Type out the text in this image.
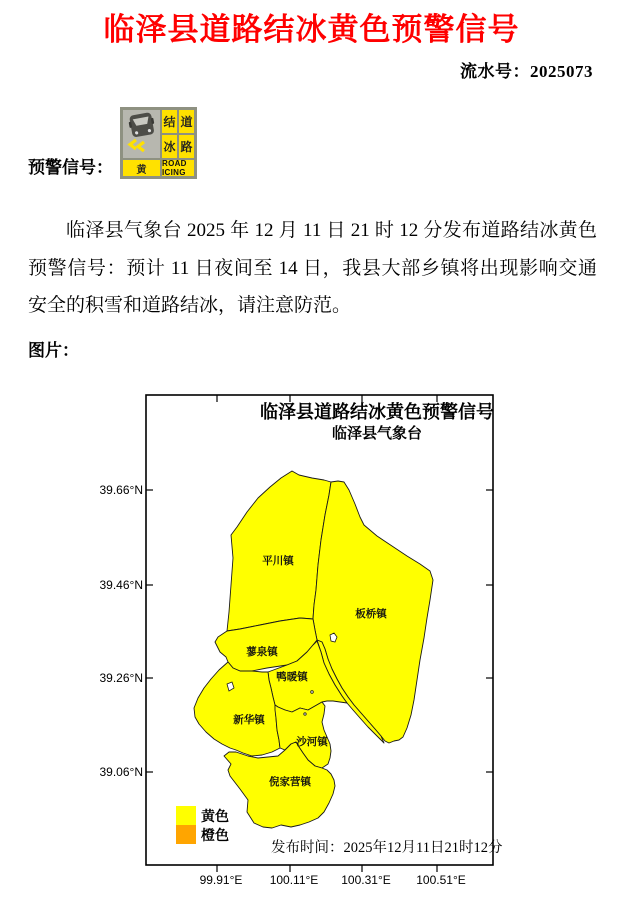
临泽县道路结冰黄色预警信号
流水号：2025073
预警信号：
结 道
冰 路
黄
ROAD ICING

临泽县气象台 2025 年 12 月 11 日 21 时 12 分发布道路结冰黄色预警信号：预计 11 日夜间至 14 日，我县大部乡镇将出现影响交通安全的积雪和道路结冰，请注意防范。

图片：
临泽县道路结冰黄色预警信号
临泽县气象台
平川镇
板桥镇
蓼泉镇
鸭暖镇
新华镇
沙河镇
倪家营镇
39.66°N
39.46°N
39.26°N
39.06°N
99.91°E 100.11°E 100.31°E 100.51°E
黄色
橙色
发布时间：2025年12月11日21时12分
